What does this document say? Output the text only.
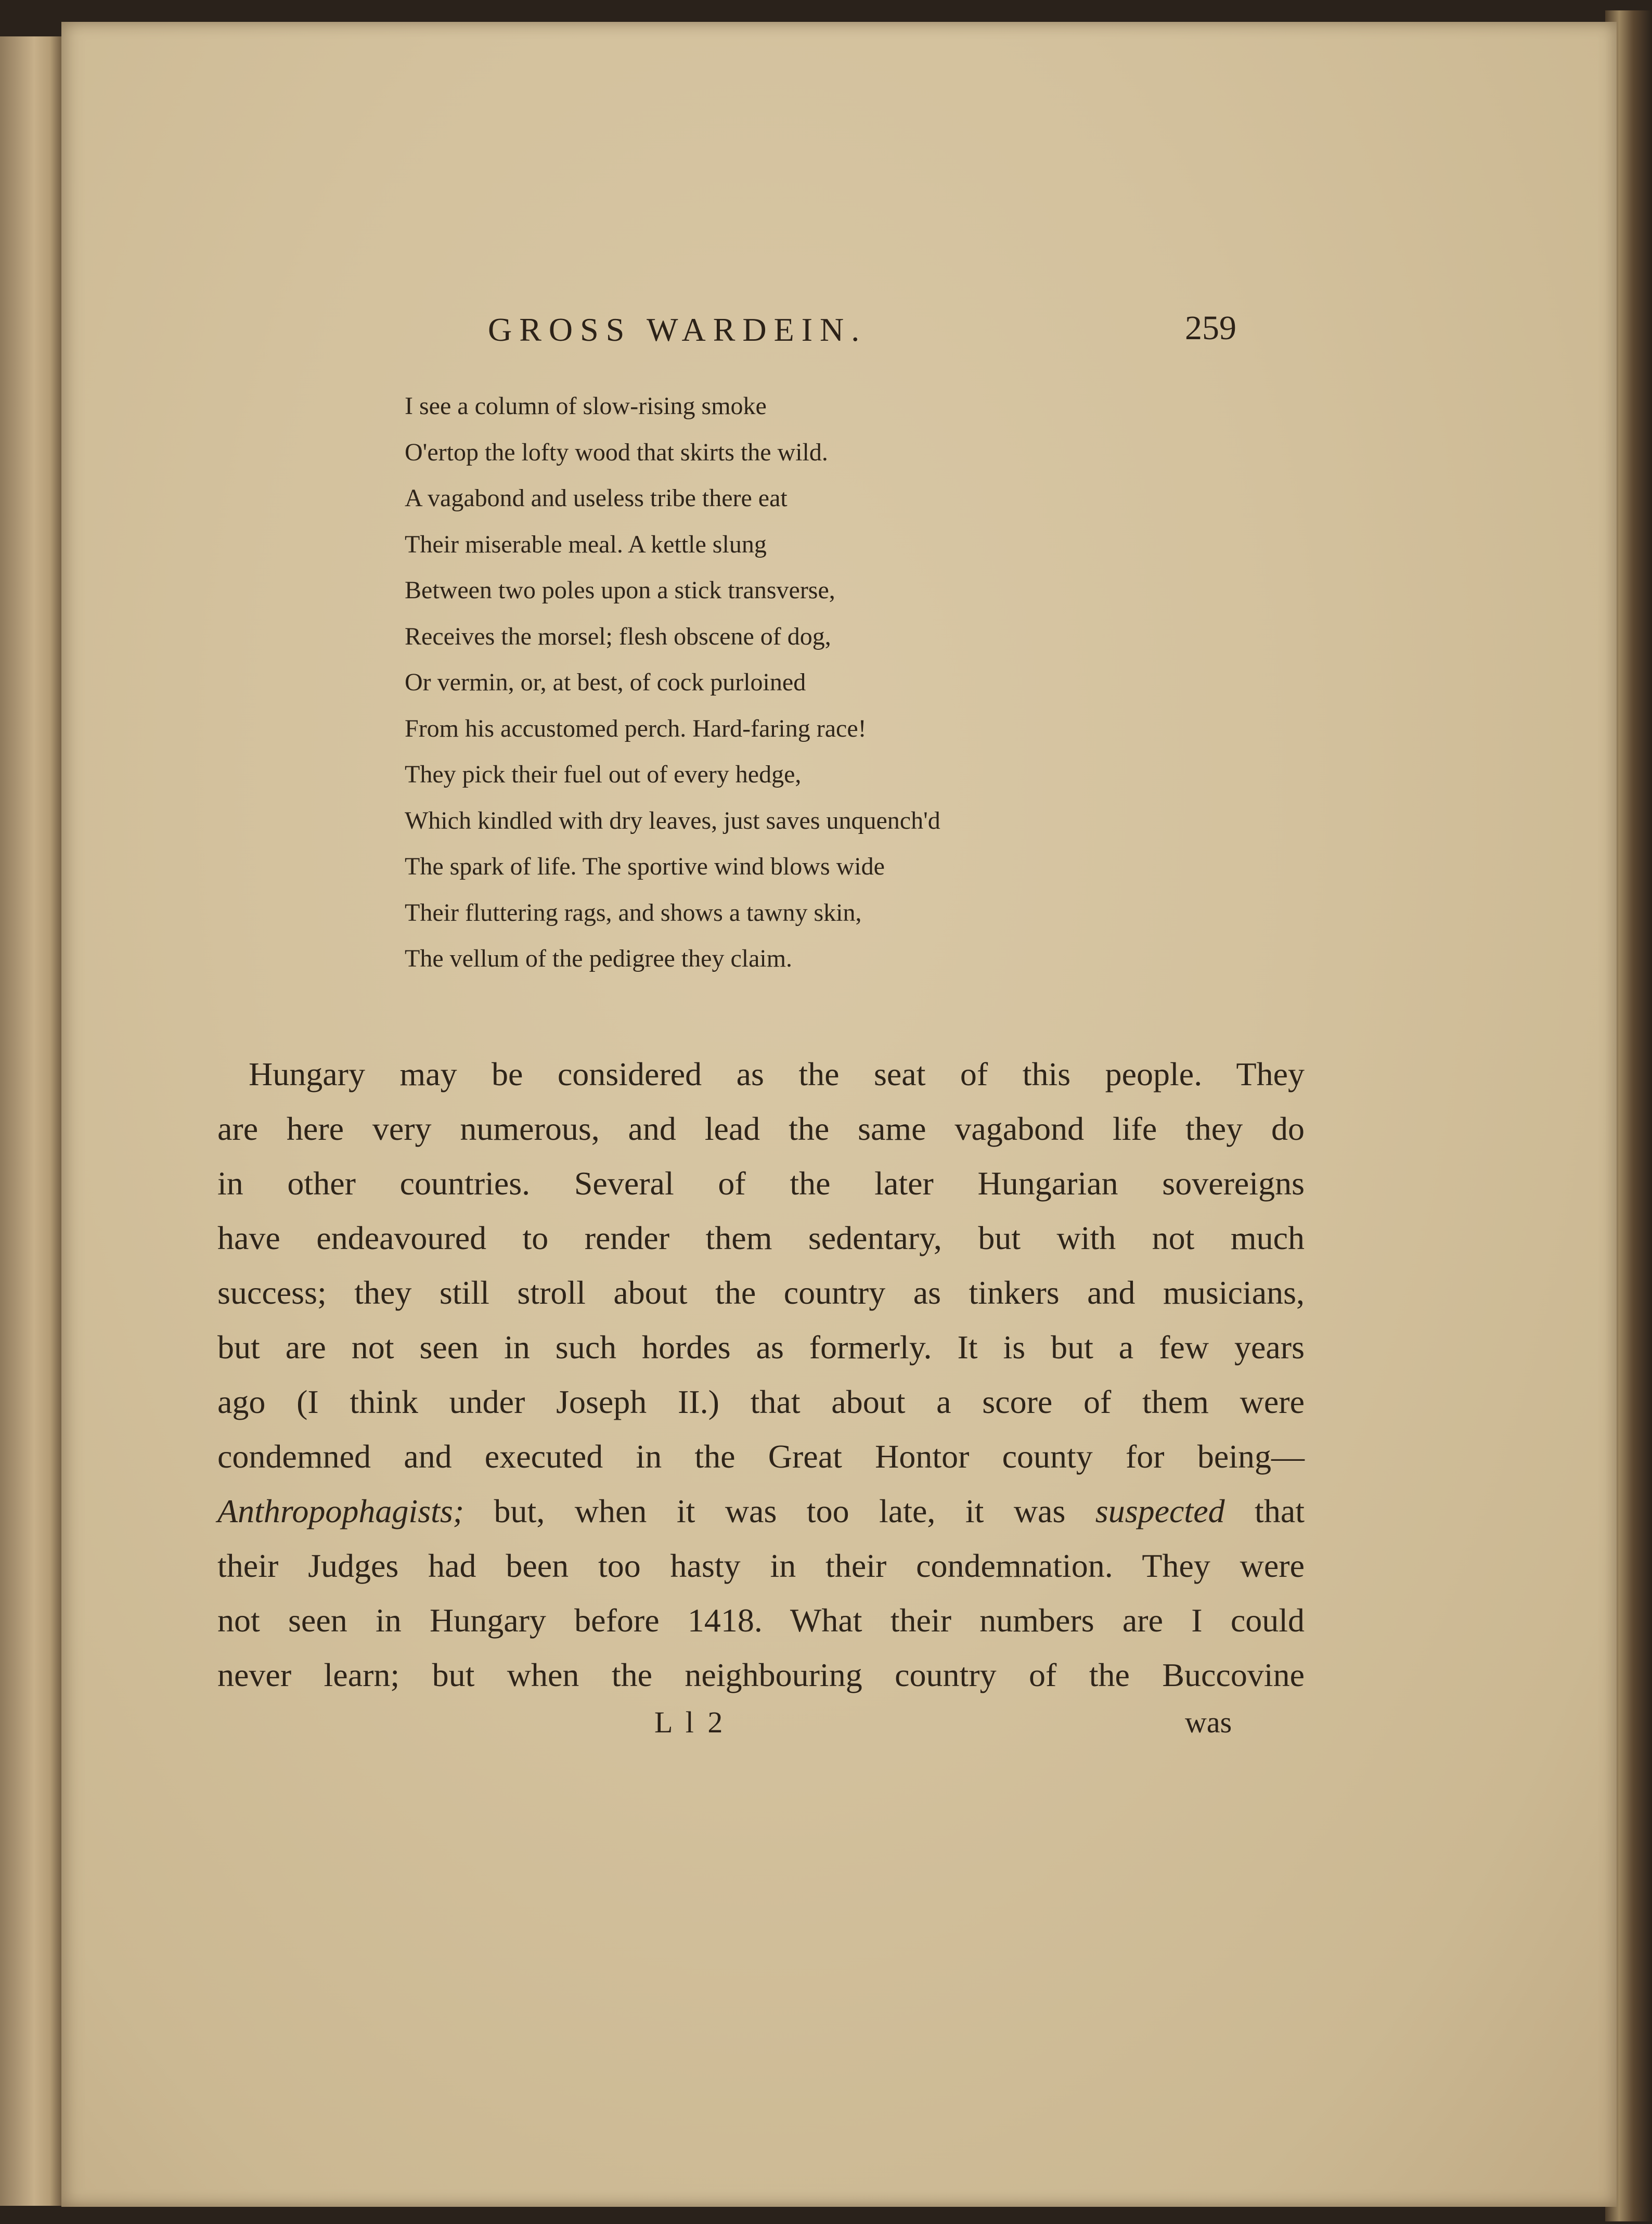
GROSS WARDEIN.	259
I see a column of slow-rising smoke
O'ertop the lofty wood that skirts the wild.
A vagabond and useless tribe there eat
Their miserable meal. A kettle slung
Between two poles upon a stick transverse,
Receives the morsel; flesh obscene of dog,
Or vermin, or, at best, of cock purloined
From his accustomed perch. Hard-faring race!
They pick their fuel out of every hedge,
Which kindled with dry leaves, just saves unquench'd
The spark of life. The sportive wind blows wide
Their fluttering rags, and shows a tawny skin,
The vellum of the pedigree they claim.
Hungary may be considered as the seat of this people. They
are here very numerous, and lead the same vagabond life they do
in other countries. Several of the later Hungarian sovereigns
have endeavoured to render them sedentary, but with not much
success; they still stroll about the country as tinkers and musicians,
but are not seen in such hordes as formerly. It is but a few years
ago (I think under Joseph II.) that about a score of them were
condemned and executed in the Great Hontor county for being—
Anthropophagists; but, when it was too late, it was suspected that
their Judges had been too hasty in their condemnation. They were
not seen in Hungary before 1418. What their numbers are I could
never learn; but when the neighbouring country of the Buccovine
L l 2	was
